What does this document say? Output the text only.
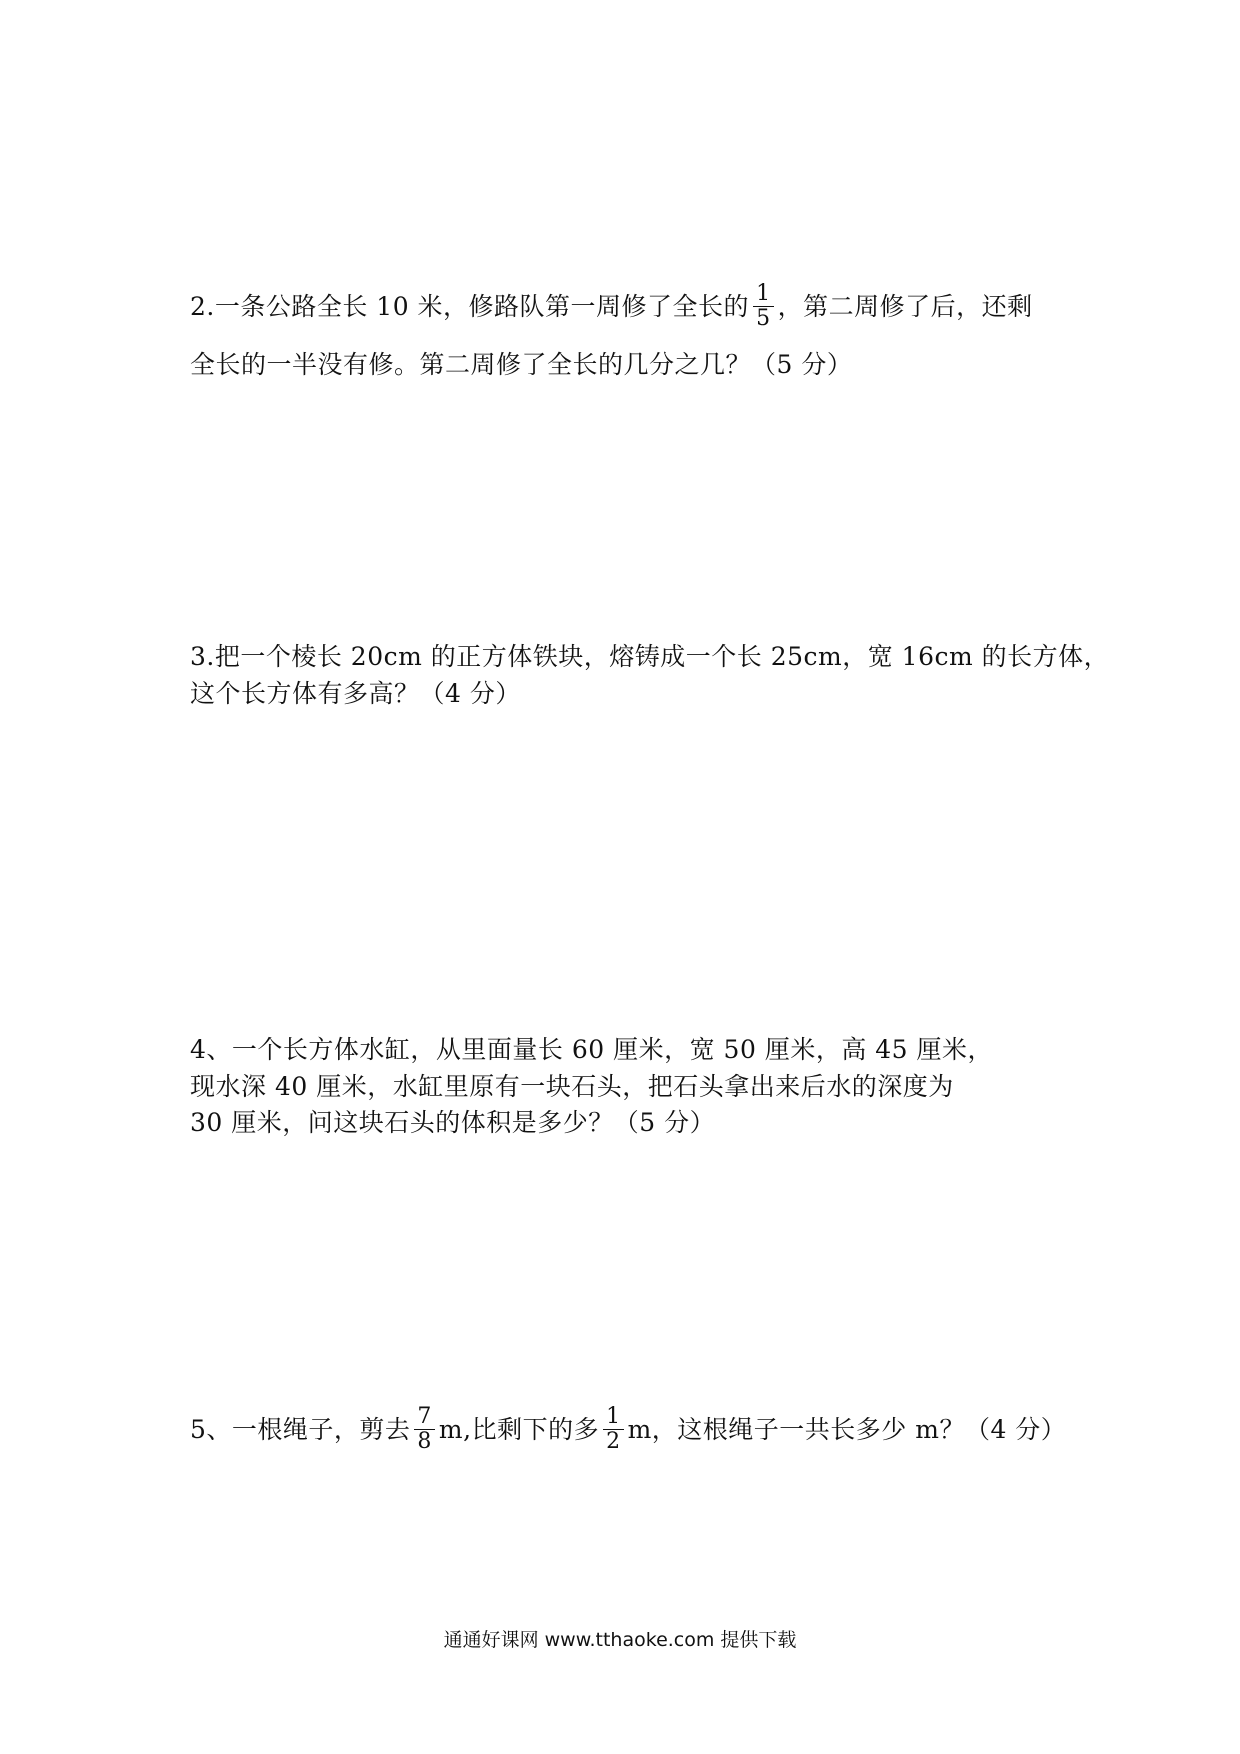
2.一条公路全长 10 米，修路队第一周修了全长的 $\frac{1}{5}$ ，第二周修了后，还剩
全长的一半没有修。第二周修了全长的几分之几？（5 分）
3.把一个棱长 20cm 的正方体铁块，熔铸成一个长 25cm，宽 16cm 的长方体，
这个长方体有多高？（4 分）
4、一个长方体水缸，从里面量长 60 厘米，宽 50 厘米，高 45 厘米，
现水深 40 厘米，水缸里原有一块石头，把石头拿出来后水的深度为
30 厘米，问这块石头的体积是多少？（5 分）
5、一根绳子，剪去 $\frac{7}{8} m$,比剩下的多 $\frac{1}{2}$ m，这根绳子一共长多少 m？（4 分）
通通好课网 www.tthaoke.com 提供下载
